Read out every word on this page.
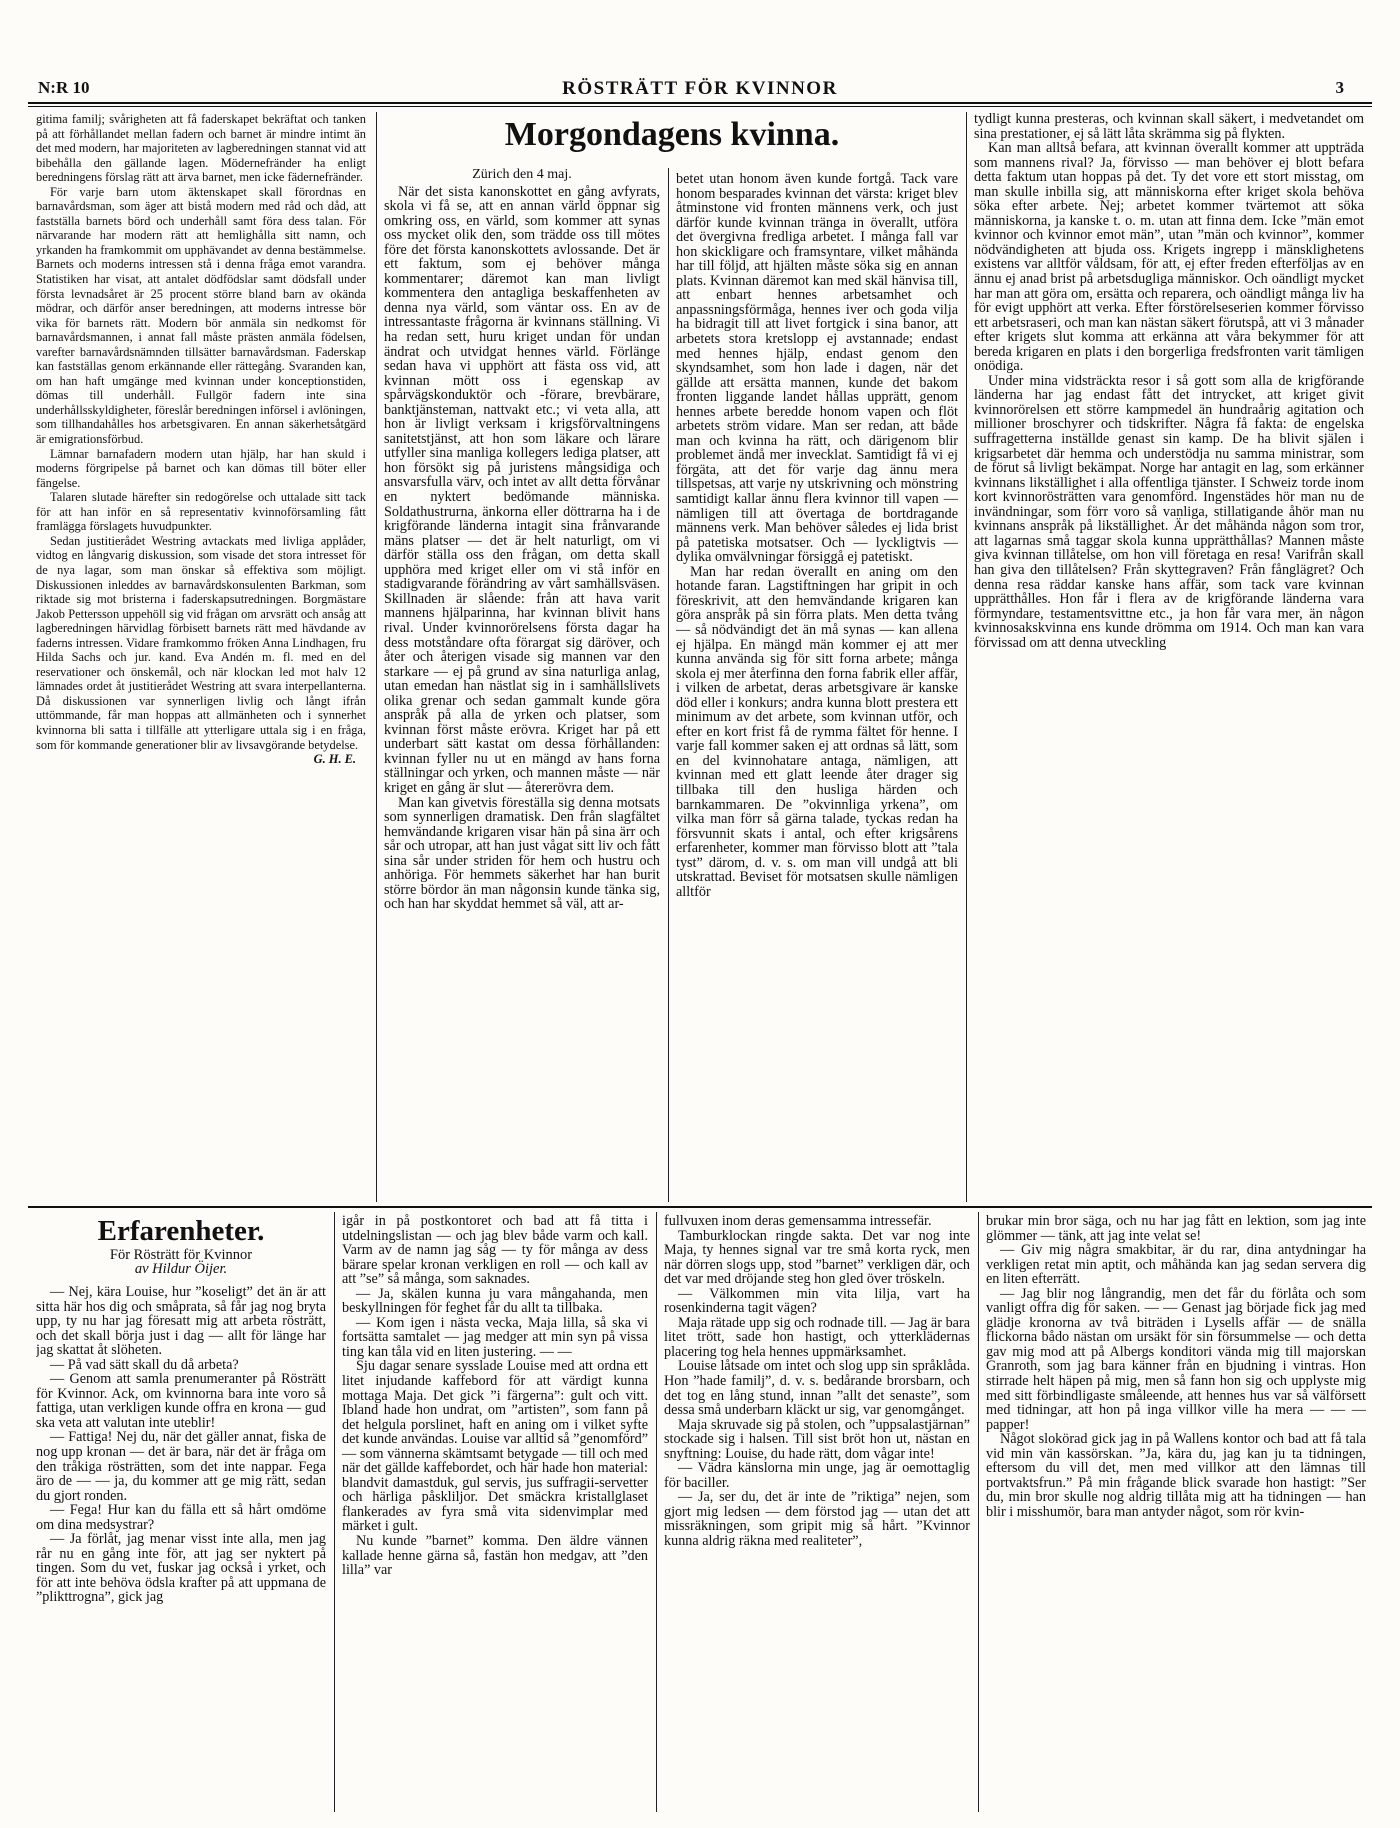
N:R 10	RÖSTRÄTT FÖR KVINNOR	3

gitima familj; svårigheten att få faderskapet bekräftat och tanken på att förhållandet mellan fadern och barnet är mindre intimt än det med modern, har majoriteten av lagberedningen stannat vid att bibehålla den gällande lagen. Mödernefränder ha enligt beredningens förslag rätt att ärva barnet, men icke fädernefränder.

För varje barn utom äktenskapet skall förordnas en barnavårdsman, som äger att bistå modern med råd och dåd, att fastställa barnets börd och underhåll samt föra dess talan. För närvarande har modern rätt att hemlighålla sitt namn, och yrkanden ha framkommit om upphävandet av denna bestämmelse. Barnets och moderns intressen stå i denna fråga emot varandra. Statistiken har visat, att antalet dödfödslar samt dödsfall under första levnadsåret är 25 procent större bland barn av okända mödrar, och därför anser beredningen, att moderns intresse bör vika för barnets rätt. Modern bör anmäla sin nedkomst för barnavårdsmannen, i annat fall måste prästen anmäla födelsen, varefter barnavårdsnämnden tillsätter barnavårdsman. Faderskap kan fastställas genom erkännande eller rättegång. Svaranden kan, om han haft umgänge med kvinnan under konceptionstiden, dömas till underhåll. Fullgör fadern inte sina underhållsskyldigheter, föreslår beredningen införsel i avlöningen, som tillhandahålles hos arbetsgivaren. En annan säkerhetsåtgärd är emigrationsförbud.

Lämnar barnafadern modern utan hjälp, har han skuld i moderns förgripelse på barnet och kan dömas till böter eller fängelse.

Talaren slutade härefter sin redogörelse och uttalade sitt tack för att han inför en så representativ kvinnoförsamling fått framlägga förslagets huvudpunkter.

Sedan justitierådet Westring avtackats med livliga applåder, vidtog en långvarig diskussion, som visade det stora intresset för de nya lagar, som man önskar så effektiva som möjligt. Diskussionen inleddes av barnavårdskonsulenten Barkman, som riktade sig mot bristerna i faderskapsutredningen. Borgmästare Jakob Pettersson uppehöll sig vid frågan om arvsrätt och ansåg att lagberedningen härvidlag förbisett barnets rätt med hävdande av faderns intressen. Vidare framkommo fröken Anna Lindhagen, fru Hilda Sachs och jur. kand. Eva Andén m. fl. med en del reservationer och önskemål, och när klockan led mot halv 12 lämnades ordet åt justitierådet Westring att svara interpellanterna. Då diskussionen var synnerligen livlig och långt ifrån uttömmande, får man hoppas att allmänheten och i synnerhet kvinnorna bli satta i tillfälle att ytterligare uttala sig i en fråga, som för kommande generationer blir av livsavgörande betydelse.

G. H. E.
Morgondagens kvinna.
Zürich den 4 maj.

När det sista kanonskottet en gång avfyrats, skola vi få se, att en annan värld öppnar sig omkring oss, en värld, som kommer att synas oss mycket olik den, som trädde oss till mötes före det första kanonskottets avlossande. Det är ett faktum, som ej behöver många kommentarer; däremot kan man livligt kommentera den antagliga beskaffenheten av denna nya värld, som väntar oss. En av de intressantaste frågorna är kvinnans ställning. Vi ha redan sett, huru kriget undan för undan ändrat och utvidgat hennes värld. Förlänge sedan hava vi upphört att fästa oss vid, att kvinnan mött oss i egenskap av spårvägskonduktör och -förare, brevbärare, banktjänsteman, nattvakt etc.; vi veta alla, att hon är livligt verksam i krigsförvaltningens sanitetstjänst, att hon som läkare och lärare utfyller sina manliga kollegers lediga platser, att hon försökt sig på juristens mångsidiga och ansvarsfulla värv, och intet av allt detta förvånar en nyktert bedömande människa. Soldathustrurna, änkorna eller döttrarna ha i de krigförande länderna intagit sina frånvarande mäns platser — det är helt naturligt, om vi därför ställa oss den frågan, om detta skall upphöra med kriget eller om vi stå inför en stadigvarande förändring av vårt samhällsväsen. Skillnaden är slående: från att hava varit mannens hjälparinna, har kvinnan blivit hans rival. Under kvinnorörelsens första dagar ha dess motståndare ofta förargat sig däröver, och åter och återigen visade sig mannen var den starkare — ej på grund av sina naturliga anlag, utan emedan han nästlat sig in i samhällslivets olika grenar och sedan gammalt kunde göra anspråk på alla de yrken och platser, som kvinnan först måste erövra. Kriget har på ett underbart sätt kastat om dessa förhållanden: kvinnan fyller nu ut en mängd av hans forna ställningar och yrken, och mannen måste — när kriget en gång är slut — återerövra dem.

Man kan givetvis föreställa sig denna motsats som synnerligen dramatisk. Den från slagfältet hemvändande krigaren visar hän på sina ärr och sår och utropar, att han just vågat sitt liv och fått sina sår under striden för hem och hustru och anhöriga. För hemmets säkerhet har han burit större bördor än man någonsin kunde tänka sig, och han har skyddat hemmet så väl, att ar-

betet utan honom även kunde fortgå. Tack vare honom besparades kvinnan det värsta: kriget blev åtminstone vid fronten männens verk, och just därför kunde kvinnan tränga in överallt, utföra det övergivna fredliga arbetet. I många fall var hon skickligare och framsyntare, vilket måhända har till följd, att hjälten måste söka sig en annan plats. Kvinnan däremot kan med skäl hänvisa till, att enbart hennes arbetsamhet och anpassningsförmåga, hennes iver och goda vilja ha bidragit till att livet fortgick i sina banor, att arbetets stora kretslopp ej avstannade; endast med hennes hjälp, endast genom den skyndsamhet, som hon lade i dagen, när det gällde att ersätta mannen, kunde det bakom fronten liggande landet hållas upprätt, genom hennes arbete beredde honom vapen och flöt arbetets ström vidare. Man ser redan, att både man och kvinna ha rätt, och därigenom blir problemet ändå mer invecklat. Samtidigt få vi ej förgäta, att det för varje dag ännu mera tillspetsas, att varje ny utskrivning och mönstring samtidigt kallar ännu flera kvinnor till vapen — nämligen till att övertaga de bortdragande männens verk. Man behöver således ej lida brist på patetiska motsatser. Och — lyckligtvis — dylika omvälvningar försiggå ej patetiskt.

Man har redan överallt en aning om den hotande faran. Lagstiftningen har gripit in och föreskrivit, att den hemvändande krigaren kan göra anspråk på sin förra plats. Men detta tvång — så nödvändigt det än må synas — kan allena ej hjälpa. En mängd män kommer ej att mer kunna använda sig för sitt forna arbete; många skola ej mer återfinna den forna fabrik eller affär, i vilken de arbetat, deras arbetsgivare är kanske död eller i konkurs; andra kunna blott prestera ett minimum av det arbete, som kvinnan utför, och efter en kort frist få de rymma fältet för henne. I varje fall kommer saken ej att ordnas så lätt, som en del kvinnohatare antaga, nämligen, att kvinnan med ett glatt leende åter drager sig tillbaka till den husliga härden och barnkammaren. De ”okvinnliga yrkena”, om vilka man förr så gärna talade, tyckas redan ha försvunnit skats i antal, och efter krigsårens erfarenheter, kommer man förvisso blott att ”tala tyst” därom, d. v. s. om man vill undgå att bli utskrattad. Beviset för motsatsen skulle nämligen alltför

tydligt kunna presteras, och kvinnan skall säkert, i medvetandet om sina prestationer, ej så lätt låta skrämma sig på flykten.

Kan man alltså befara, att kvinnan överallt kommer att uppträda som mannens rival? Ja, förvisso — man behöver ej blott befara detta faktum utan hoppas på det. Ty det vore ett stort misstag, om man skulle inbilla sig, att människorna efter kriget skola behöva söka efter arbete. Nej; arbetet kommer tvärtemot att söka människorna, ja kanske t. o. m. utan att finna dem. Icke ”män emot kvinnor och kvinnor emot män”, utan ”män och kvinnor”, kommer nödvändigheten att bjuda oss. Krigets ingrepp i mänsklighetens existens var alltför våldsam, för att, ej efter freden efterföljas av en ännu ej anad brist på arbetsdugliga människor. Och oändligt mycket har man att göra om, ersätta och reparera, och oändligt många liv ha för evigt upphört att verka. Efter förstörelseserien kommer förvisso ett arbetsraseri, och man kan nästan säkert förutspå, att vi 3 månader efter krigets slut komma att erkänna att våra bekymmer för att bereda krigaren en plats i den borgerliga fredsfronten varit tämligen onödiga.

Under mina vidsträckta resor i så gott som alla de krigförande länderna har jag endast fått det intrycket, att kriget givit kvinnorörelsen ett större kampmedel än hundraårig agitation och millioner broschyrer och tidskrifter. Några få fakta: de engelska suffragetterna inställde genast sin kamp. De ha blivit själen i krigsarbetet där hemma och understödja nu samma ministrar, som de förut så livligt bekämpat. Norge har antagit en lag, som erkänner kvinnans likställighet i alla offentliga tjänster. I Schweiz torde inom kort kvinnorösträtten vara genomförd. Ingenstädes hör man nu de invändningar, som förr voro så vanliga, stillatigande åhör man nu kvinnans anspråk på likställighet. Är det måhända någon som tror, att lagarnas små taggar skola kunna upprätthållas? Mannen måste giva kvinnan tillåtelse, om hon vill företaga en resa! Varifrån skall han giva den tillåtelsen? Från skyttegraven? Från fånglägret? Och denna resa räddar kanske hans affär, som tack vare kvinnan upprätthålles. Hon får i flera av de krigförande länderna vara förmyndare, testamentsvittne etc., ja hon får vara mer, än någon kvinnosakskvinna ens kunde drömma om 1914. Och man kan vara förvissad om att denna utveckling

Erfarenheter.
För Rösträtt för Kvinnor
av Hildur Öijer.

— Nej, kära Louise, hur ”koseligt” det än är att sitta här hos dig och småprata, så får jag nog bryta upp, ty nu har jag föresatt mig att arbeta rösträtt, och det skall börja just i dag — allt för länge har jag skattat åt slöheten.

— På vad sätt skall du då arbeta?

— Genom att samla prenumeranter på Rösträtt för Kvinnor. Ack, om kvinnorna bara inte voro så fattiga, utan verkligen kunde offra en krona — gud ska veta att valutan inte uteblir!

— Fattiga! Nej du, när det gäller annat, fiska de nog upp kronan — det är bara, när det är fråga om den tråkiga rösträtten, som det inte nappar. Fega äro de — — ja, du kommer att ge mig rätt, sedan du gjort ronden.

— Fega! Hur kan du fälla ett så hårt omdöme om dina medsystrar?

— Ja förlåt, jag menar visst inte alla, men jag rår nu en gång inte för, att jag ser nyktert på tingen. Som du vet, fuskar jag också i yrket, och för att inte behöva ödsla krafter på att uppmana de ”plikttrogna”, gick jag

igår in på postkontoret och bad att få titta i utdelningslistan — och jag blev både varm och kall. Varm av de namn jag såg — ty för många av dess bärare spelar kronan verkligen en roll — och kall av att ”se” så många, som saknades.

— Ja, skälen kunna ju vara mångahanda, men beskyllningen för feghet får du allt ta tillbaka.

— Kom igen i nästa vecka, Maja lilla, så ska vi fortsätta samtalet — jag medger att min syn på vissa ting kan tåla vid en liten justering. — —

Sju dagar senare sysslade Louise med att ordna ett litet injudande kaffebord för att värdigt kunna mottaga Maja. Det gick ”i färgerna”: gult och vitt. Ibland hade hon undrat, om ”artisten”, som fann på det helgula porslinet, haft en aning om i vilket syfte det kunde användas. Louise var alltid så ”genomförd” — som vännerna skämtsamt betygade — till och med när det gällde kaffebordet, och här hade hon material: blandvit damastduk, gul servis, jus suffragii-servetter och härliga påskliljor. Det smäckra kristallglaset flankerades av fyra små vita sidenvimplar med märket i gult.

Nu kunde ”barnet” komma. Den äldre vännen kallade henne gärna så, fastän hon medgav, att ”den lilla” var

fullvuxen inom deras gemensamma intressefär.

Tamburklockan ringde sakta. Det var nog inte Maja, ty hennes signal var tre små korta ryck, men när dörren slogs upp, stod ”barnet” verkligen där, och det var med dröjande steg hon gled över tröskeln.

— Välkommen min vita lilja, vart ha rosenkinderna tagit vägen?

Maja rätade upp sig och rodnade till. — Jag är bara litet trött, sade hon hastigt, och ytterklädernas placering tog hela hennes uppmärksamhet.

Louise låtsade om intet och slog upp sin språklåda. Hon ”hade familj”, d. v. s. bedårande brorsbarn, och det tog en lång stund, innan ”allt det senaste”, som dessa små underbarn kläckt ur sig, var genomgånget.

Maja skruvade sig på stolen, och ”uppsalastjärnan” stockade sig i halsen. Till sist bröt hon ut, nästan en snyftning: Louise, du hade rätt, dom vågar inte!

— Vädra känslorna min unge, jag är oemottaglig för baciller.

— Ja, ser du, det är inte de ”riktiga” nejen, som gjort mig ledsen — dem förstod jag — utan det att missräkningen, som gripit mig så hårt. ”Kvinnor kunna aldrig räkna med realiteter”,

brukar min bror säga, och nu har jag fått en lektion, som jag inte glömmer — tänk, att jag inte velat se!

— Giv mig några smakbitar, är du rar, dina antydningar ha verkligen retat min aptit, och måhända kan jag sedan servera dig en liten efterrätt.

— Jag blir nog långrandig, men det får du förlåta och som vanligt offra dig för saken. — — Genast jag började fick jag med glädje kronorna av två biträden i Lysells affär — de snälla flickorna bådo nästan om ursäkt för sin försummelse — och detta gav mig mod att på Albergs konditori vända mig till majorskan Granroth, som jag bara känner från en bjudning i vintras. Hon stirrade helt häpen på mig, men så fann hon sig och upplyste mig med sitt förbindligaste småleende, att hennes hus var så välförsett med tidningar, att hon på inga villkor ville ha mera — — — papper!

Något slokörad gick jag in på Wallens kontor och bad att få tala vid min vän kassörskan. ”Ja, kära du, jag kan ju ta tidningen, eftersom du vill det, men med villkor att den lämnas till portvaktsfrun.” På min frågande blick svarade hon hastigt: ”Ser du, min bror skulle nog aldrig tillåta mig att ha tidningen — han blir i misshumör, bara man antyder något, som rör kvin-
